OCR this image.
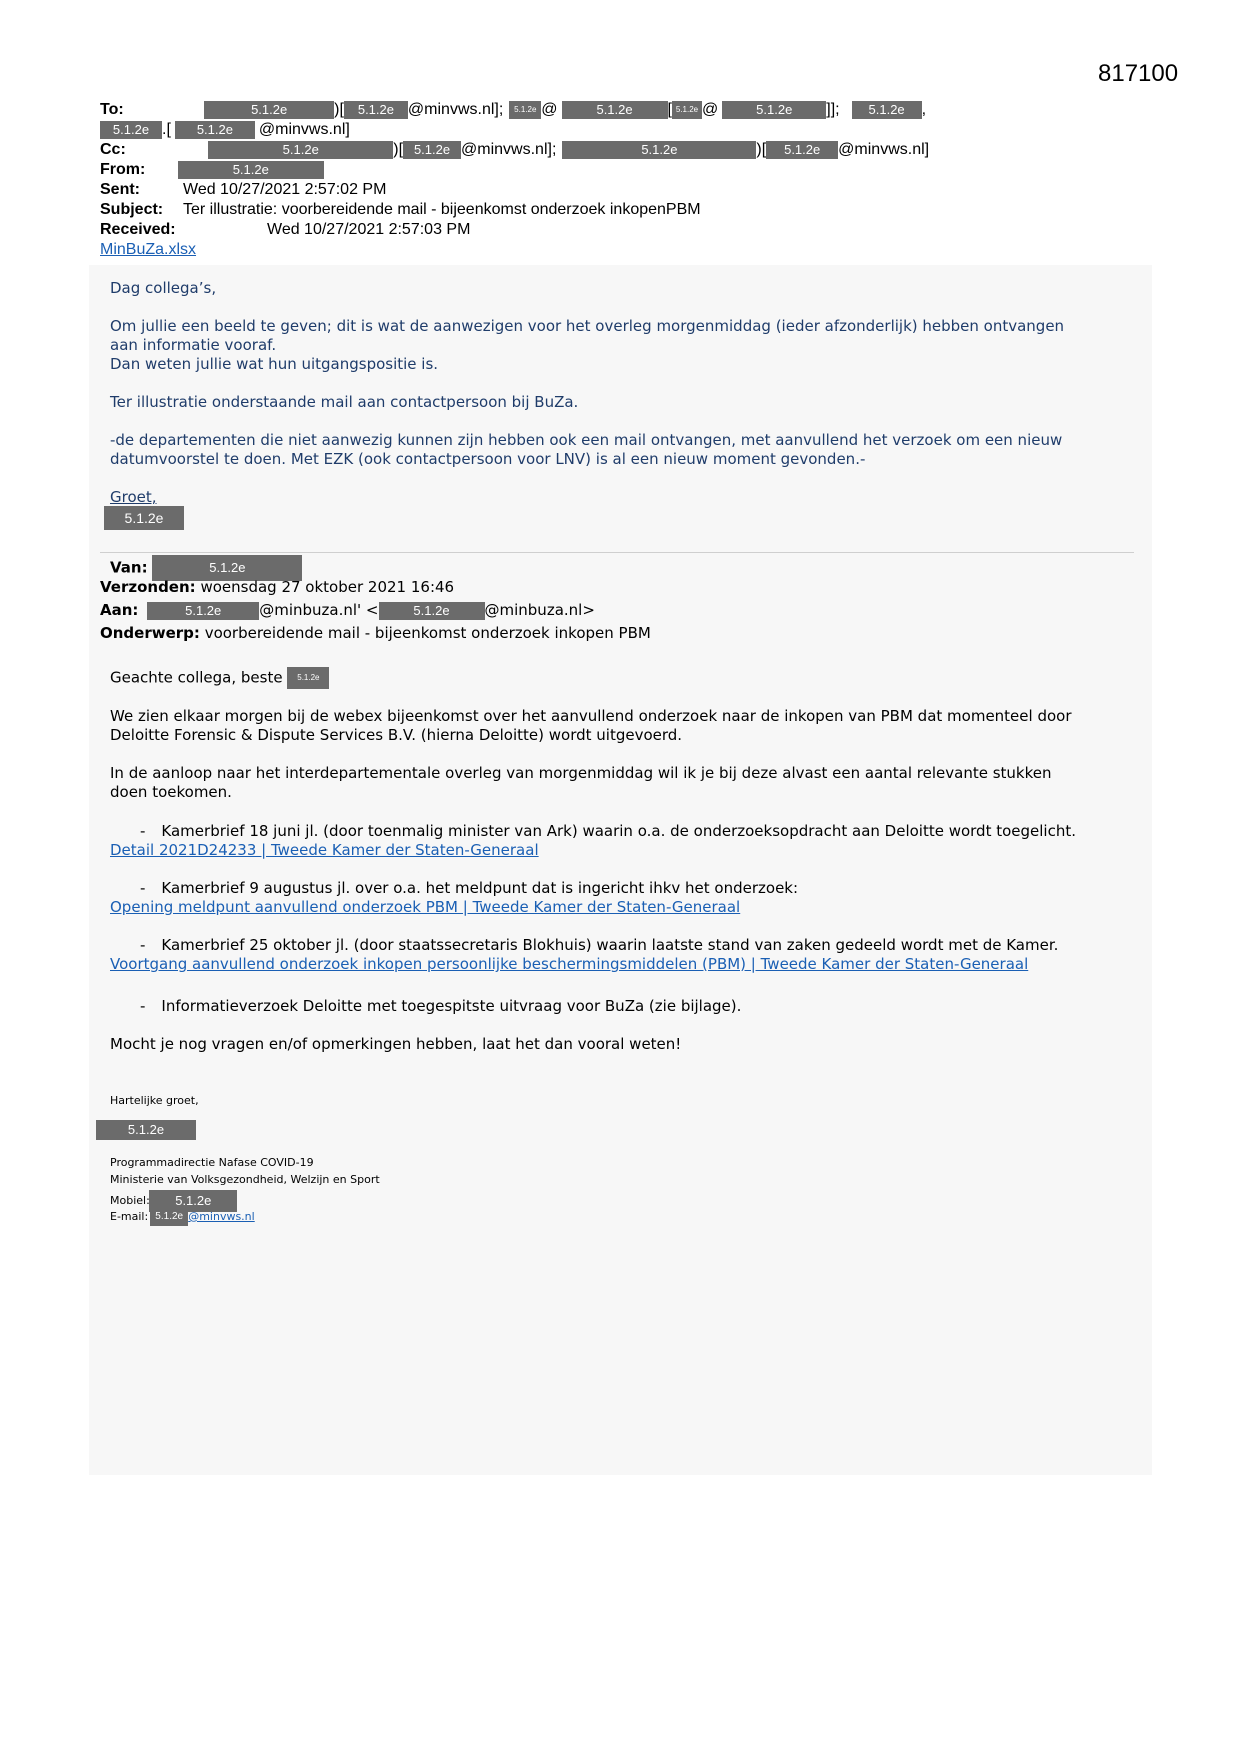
817100
To:	5.1.2e	)[ 5.1.2e @minvws.nl]; 5.1.2e @	5.1.2e [ 5.1.2e @	5.1.2e ]]; 5.1.2e ,
5.1.2e .[ 5.1.2e @minvws.nl]
Cc:	5.1.2e	)[ 5.1.2e @minvws.nl];	5.1.2e	)[ 5.1.2e @minvws.nl]
From:	5.1.2e
Sent:	Wed 10/27/2021 2:57:02 PM
Subject: Ter illustratie: voorbereidende mail - bijeenkomst onderzoek inkopenPBM
Received:	Wed 10/27/2021 2:57:03 PM
MinBuZa.xlsx
Dag collega’s,
Om jullie een beeld te geven; dit is wat de aanwezigen voor het overleg morgenmiddag (ieder afzonderlijk) hebben ontvangen
aan informatie vooraf.
Dan weten jullie wat hun uitgangspositie is.
Ter illustratie onderstaande mail aan contactpersoon bij BuZa.
-de departementen die niet aanwezig kunnen zijn hebben ook een mail ontvangen, met aanvullend het verzoek om een nieuw
datumvoorstel te doen. Met EZK (ook contactpersoon voor LNV) is al een nieuw moment gevonden.-
Groet,
5.1.2e
Van:	5.1.2e
Verzonden: woensdag 27 oktober 2021 16:46
Aan:	5.1.2e	@minbuza.nl' <	5.1.2e @minbuza.nl>
Onderwerp: voorbereidende mail - bijeenkomst onderzoek inkopen PBM
Geachte collega, beste 5.1.2e
We zien elkaar morgen bij de webex bijeenkomst over het aanvullend onderzoek naar de inkopen van PBM dat momenteel door
Deloitte Forensic & Dispute Services B.V. (hierna Deloitte) wordt uitgevoerd.
In de aanloop naar het interdepartementale overleg van morgenmiddag wil ik je bij deze alvast een aantal relevante stukken
doen toekomen.
- Kamerbrief 18 juni jl. (door toenmalig minister van Ark) waarin o.a. de onderzoeksopdracht aan Deloitte wordt toegelicht.
Detail 2021D24233 | Tweede Kamer der Staten-Generaal
- Kamerbrief 9 augustus jl. over o.a. het meldpunt dat is ingericht ihkv het onderzoek:
Opening meldpunt aanvullend onderzoek PBM | Tweede Kamer der Staten-Generaal
- Kamerbrief 25 oktober jl. (door staatssecretaris Blokhuis) waarin laatste stand van zaken gedeeld wordt met de Kamer.
Voortgang aanvullend onderzoek inkopen persoonlijke beschermingsmiddelen (PBM) | Tweede Kamer der Staten-Generaal
- Informatieverzoek Deloitte met toegespitste uitvraag voor BuZa (zie bijlage).
Mocht je nog vragen en/of opmerkingen hebben, laat het dan vooral weten!
Hartelijke groet,
5.1.2e
Programmadirectie Nafase COVID-19
Ministerie van Volksgezondheid, Welzijn en Sport
Mobiel: 5.1.2e
E-mail: 5.1.2e @minvws.nl
